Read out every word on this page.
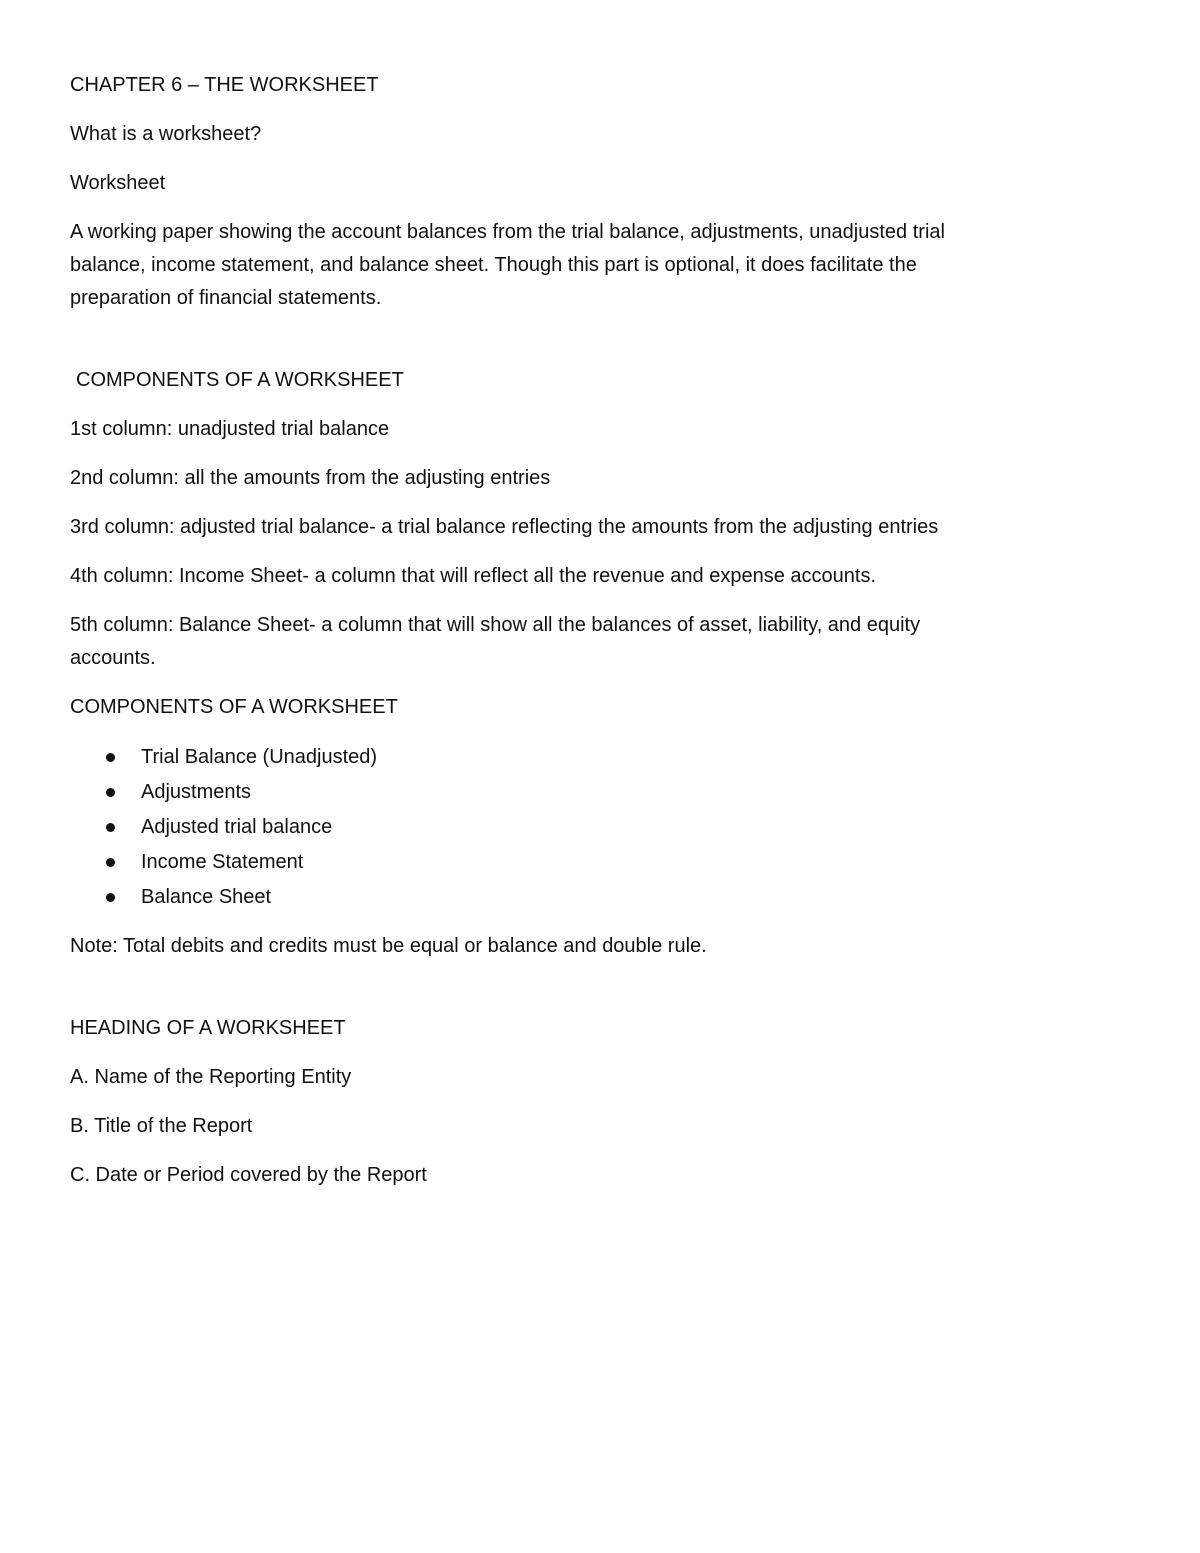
CHAPTER 6 – THE WORKSHEET

What is a worksheet?

Worksheet

A working paper showing the account balances from the trial balance, adjustments, unadjusted trial
balance, income statement, and balance sheet. Though this part is optional, it does facilitate the
preparation of financial statements.

COMPONENTS OF A WORKSHEET

1st column: unadjusted trial balance

2nd column: all the amounts from the adjusting entries

3rd column: adjusted trial balance- a trial balance reflecting the amounts from the adjusting entries

4th column: Income Sheet- a column that will reflect all the revenue and expense accounts.

5th column: Balance Sheet- a column that will show all the balances of asset, liability, and equity
accounts.

COMPONENTS OF A WORKSHEET

Trial Balance (Unadjusted)
Adjustments
Adjusted trial balance
Income Statement
Balance Sheet

Note: Total debits and credits must be equal or balance and double rule.

HEADING OF A WORKSHEET

A. Name of the Reporting Entity

B. Title of the Report

C. Date or Period covered by the Report
